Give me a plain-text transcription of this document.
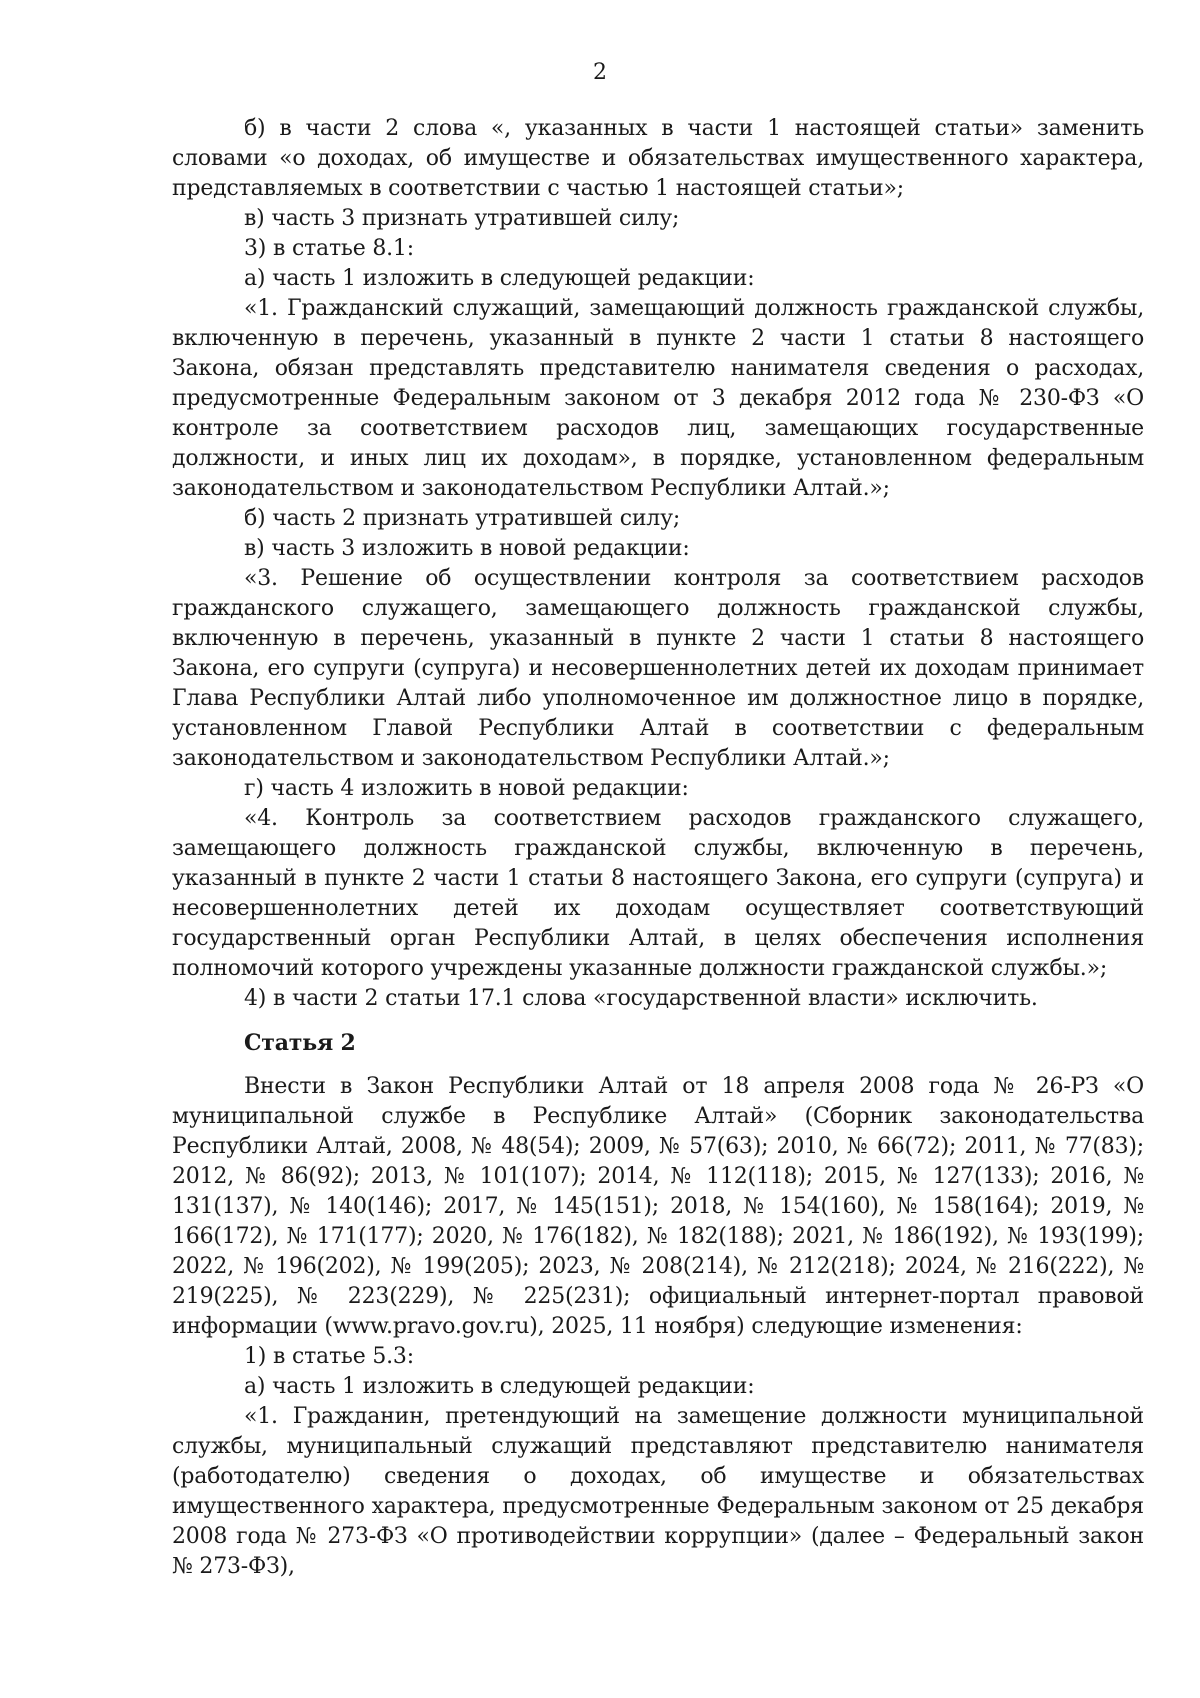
2

б) в части 2 слова «, указанных в части 1 настоящей статьи» заменить словами «о доходах, об имуществе и обязательствах имущественного характера, представляемых в соответствии с частью 1 настоящей статьи»;

в) часть 3 признать утратившей силу;

3) в статье 8.1:

а) часть 1 изложить в следующей редакции:

«1. Гражданский служащий, замещающий должность гражданской службы, включенную в перечень, указанный в пункте 2 части 1 статьи 8 настоящего Закона, обязан представлять представителю нанимателя сведения о расходах, предусмотренные Федеральным законом от 3 декабря 2012 года № 230-ФЗ «О контроле за соответствием расходов лиц, замещающих государственные должности, и иных лиц их доходам», в порядке, установленном федеральным законодательством и законодательством Республики Алтай.»;

б) часть 2 признать утратившей силу;

в) часть 3 изложить в новой редакции:

«3. Решение об осуществлении контроля за соответствием расходов гражданского служащего, замещающего должность гражданской службы, включенную в перечень, указанный в пункте 2 части 1 статьи 8 настоящего Закона, его супруги (супруга) и несовершеннолетних детей их доходам принимает Глава Республики Алтай либо уполномоченное им должностное лицо в порядке, установленном Главой Республики Алтай в соответствии с федеральным законодательством и законодательством Республики Алтай.»;

г) часть 4 изложить в новой редакции:

«4. Контроль за соответствием расходов гражданского служащего, замещающего должность гражданской службы, включенную в перечень, указанный в пункте 2 части 1 статьи 8 настоящего Закона, его супруги (супруга) и несовершеннолетних детей их доходам осуществляет соответствующий государственный орган Республики Алтай, в целях обеспечения исполнения полномочий которого учреждены указанные должности гражданской службы.»;

4) в части 2 статьи 17.1 слова «государственной власти» исключить.

Статья 2

Внести в Закон Республики Алтай от 18 апреля 2008 года № 26-РЗ «О муниципальной службе в Республике Алтай» (Сборник законодательства Республики Алтай, 2008, № 48(54); 2009, № 57(63); 2010, № 66(72); 2011, № 77(83); 2012, № 86(92); 2013, № 101(107); 2014, № 112(118); 2015, № 127(133); 2016, № 131(137), № 140(146); 2017, № 145(151); 2018, № 154(160), № 158(164); 2019, № 166(172), № 171(177); 2020, № 176(182), № 182(188); 2021, № 186(192), № 193(199); 2022, № 196(202), № 199(205); 2023, № 208(214), № 212(218); 2024, № 216(222), № 219(225), № 223(229), № 225(231); официальный интернет-портал правовой информации (www.pravo.gov.ru), 2025, 11 ноября) следующие изменения:

1) в статье 5.3:

а) часть 1 изложить в следующей редакции:

«1. Гражданин, претендующий на замещение должности муниципальной службы, муниципальный служащий представляют представителю нанимателя (работодателю) сведения о доходах, об имуществе и обязательствах имущественного характера, предусмотренные Федеральным законом от 25 декабря 2008 года № 273-ФЗ «О противодействии коррупции» (далее – Федеральный закон № 273-ФЗ),
